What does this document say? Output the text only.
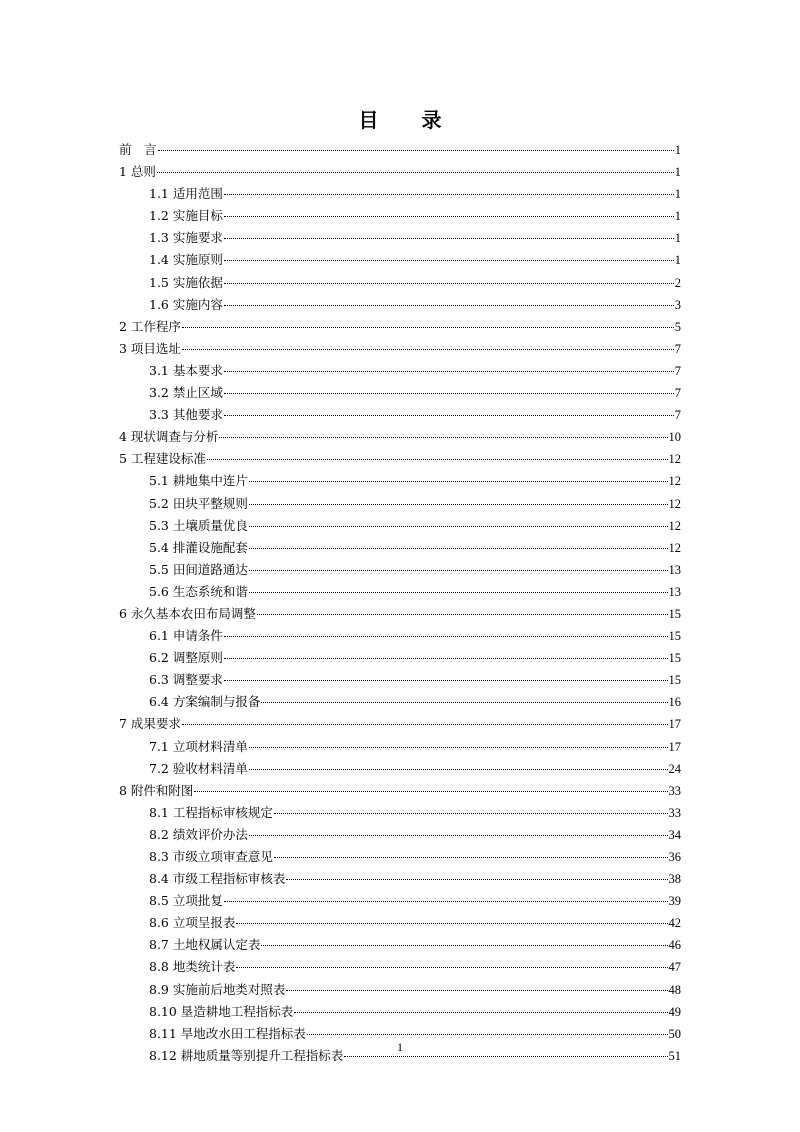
目 录
前　言	1
1 总则	1
1.1 适用范围	1
1.2 实施目标	1
1.3 实施要求	1
1.4 实施原则	1
1.5 实施依据	2
1.6 实施内容	3
2 工作程序	5
3 项目选址	7
3.1 基本要求	7
3.2 禁止区域	7
3.3 其他要求	7
4 现状调查与分析	10
5 工程建设标准	12
5.1 耕地集中连片	12
5.2 田块平整规则	12
5.3 土壤质量优良	12
5.4 排灌设施配套	12
5.5 田间道路通达	13
5.6 生态系统和谐	13
6 永久基本农田布局调整	15
6.1 申请条件	15
6.2 调整原则	15
6.3 调整要求	15
6.4 方案编制与报备	16
7 成果要求	17
7.1 立项材料清单	17
7.2 验收材料清单	24
8 附件和附图	33
8.1 工程指标审核规定	33
8.2 绩效评价办法	34
8.3 市级立项审查意见	36
8.4 市级工程指标审核表	38
8.5 立项批复	39
8.6 立项呈报表	42
8.7 土地权属认定表	46
8.8 地类统计表	47
8.9 实施前后地类对照表	48
8.10 垦造耕地工程指标表	49
8.11 旱地改水田工程指标表	50
8.12 耕地质量等别提升工程指标表	51
1
